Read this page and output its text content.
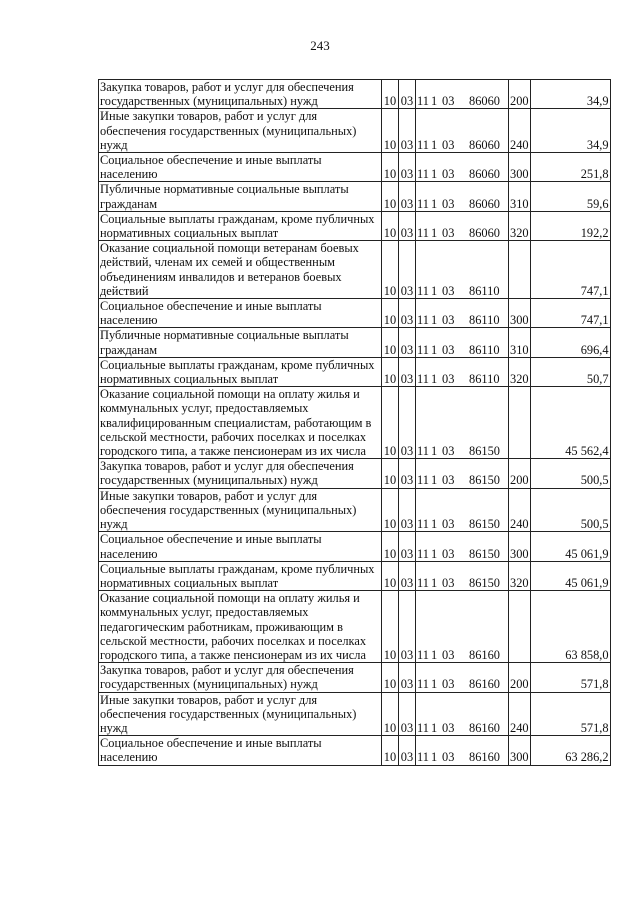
243
Закупка товаров, работ и услуг для обеспечения государственных (муниципальных) нужд	10	03	11 1 03 86060	200	34,9
Иные закупки товаров, работ и услуг для обеспечения государственных (муниципальных) нужд	10	03	11 1 03 86060	240	34,9
Социальное обеспечение и иные выплаты населению	10	03	11 1 03 86060	300	251,8
Публичные нормативные социальные выплаты гражданам	10	03	11 1 03 86060	310	59,6
Социальные выплаты гражданам, кроме публичных нормативных социальных выплат	10	03	11 1 03 86060	320	192,2
Оказание социальной помощи ветеранам боевых действий, членам их семей и общественным объединениям инвалидов и ветеранов боевых действий	10	03	11 1 03 86110		747,1
Социальное обеспечение и иные выплаты населению	10	03	11 1 03 86110	300	747,1
Публичные нормативные социальные выплаты гражданам	10	03	11 1 03 86110	310	696,4
Социальные выплаты гражданам, кроме публичных нормативных социальных выплат	10	03	11 1 03 86110	320	50,7
Оказание социальной помощи на оплату жилья и коммунальных услуг, предоставляемых квалифицированным специалистам, работающим в сельской местности, рабочих поселках и поселках городского типа, а также пенсионерам из их числа	10	03	11 1 03 86150		45 562,4
Закупка товаров, работ и услуг для обеспечения государственных (муниципальных) нужд	10	03	11 1 03 86150	200	500,5
Иные закупки товаров, работ и услуг для обеспечения государственных (муниципальных) нужд	10	03	11 1 03 86150	240	500,5
Социальное обеспечение и иные выплаты населению	10	03	11 1 03 86150	300	45 061,9
Социальные выплаты гражданам, кроме публичных нормативных социальных выплат	10	03	11 1 03 86150	320	45 061,9
Оказание социальной помощи на оплату жилья и коммунальных услуг, предоставляемых педагогическим работникам, проживающим в сельской местности, рабочих поселках и поселках городского типа, а также пенсионерам из их числа	10	03	11 1 03 86160		63 858,0
Закупка товаров, работ и услуг для обеспечения государственных (муниципальных) нужд	10	03	11 1 03 86160	200	571,8
Иные закупки товаров, работ и услуг для обеспечения государственных (муниципальных) нужд	10	03	11 1 03 86160	240	571,8
Социальное обеспечение и иные выплаты населению	10	03	11 1 03 86160	300	63 286,2
